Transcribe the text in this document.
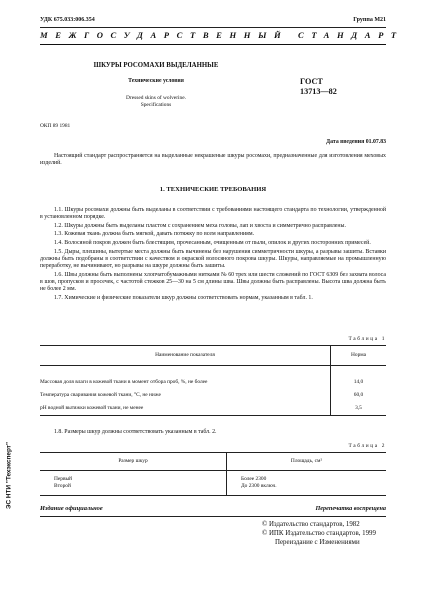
УДК 675.033:006.354	Группа М21
МЕЖГОСУДАРСТВЕННЫЙ СТАНДАРТ
ШКУРЫ РОСОМАХИ ВЫДЕЛАННЫЕ
Технические условия
Dressed skins of wolverine.
Specifications
ГОСТ
13713—82
ОКП 89 1981
Дата введения 01.07.83
Настоящий стандарт распространяется на выделанные некрашеные шкуры росомахи, предназначенные для изготовления меховых изделий.
1. ТЕХНИЧЕСКИЕ ТРЕБОВАНИЯ
1.1. Шкуры росомахи должны быть выделаны в соответствии с требованиями настоящего стандарта по технологии, утвержденной в установленном порядке.
1.2. Шкуры должны быть выделаны пластом с сохранением меха головы, лап и хвоста и симметрично расправлены.
1.3. Кожевая ткань должна быть мягкой, давать потяжку по всем направлениям.
1.4. Волосяной покров должен быть блестящим, прочесанным, очищенным от пыли, опилок и других посторонних примесей.
1.5. Дыры, плешины, вытертые места должны быть вычинены без нарушения симметричности шкуры, а разрывы зашиты. Вставки должны быть подобраны в соответствии с качеством и окраской волосяного покрова шкуры. Шкуры, направляемые на промышленную переработку, не вычинивают, но разрывы на шкуре должны быть зашиты.
1.6. Швы должны быть выполнены хлопчатобумажными нитками № 60 трех или шести сложений по ГОСТ 6309 без захвата волоса в шов, пропусков и просечек, с частотой стежков 25—30 на 5 см длины шва. Швы должны быть расправлены. Высота шва должна быть не более 2 мм.
1.7. Химические и физические показатели шкур должны соответствовать нормам, указанным в табл. 1.
Таблица 1
Наименование показателя	Норма
Массовая доля влаги в кожевой ткани в момент отбора проб, %, не более	14,0
Температура сваривания кожевой ткани, °С, не ниже	60,0
pH водной вытяжки кожевой ткани, не менее	3,5
1.8. Размеры шкур должны соответствовать указанным в табл. 2.
Таблица 2
Размер шкур	Площадь, см²
Первый	Более 2300
Второй	До 2300 включ.
Издание официальное	Перепечатка воспрещена
© Издательство стандартов, 1982
© ИПК Издательство стандартов, 1999
Переиздание с Изменениями
ЭС НТИ "Техэксперт"
